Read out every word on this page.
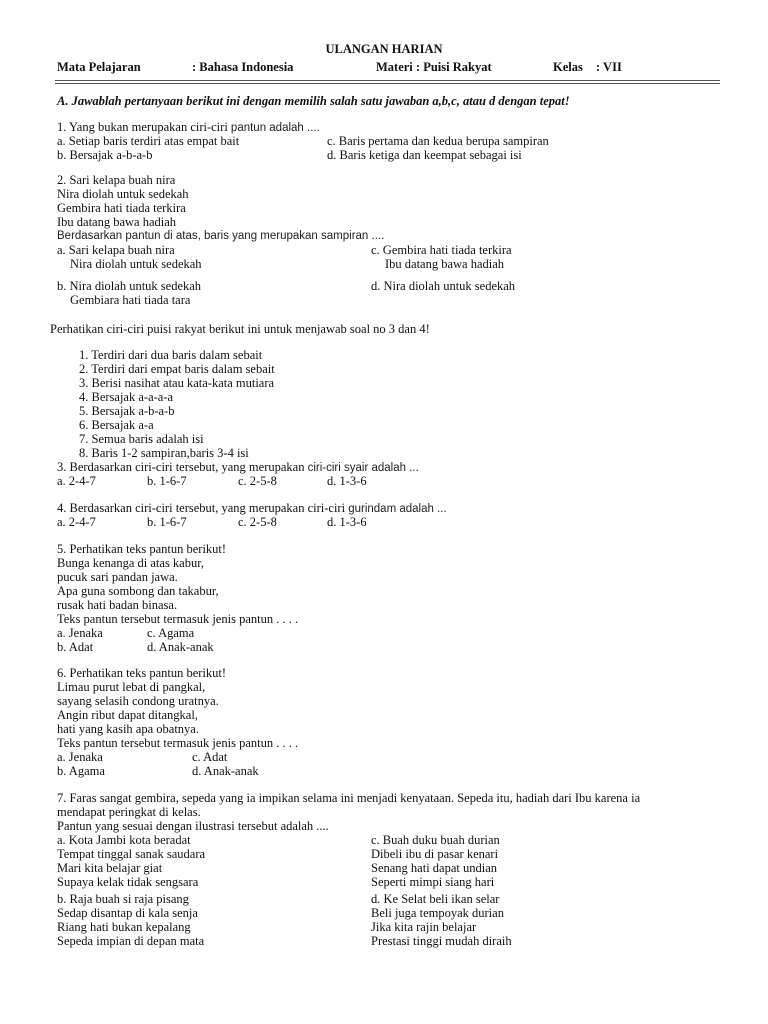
ULANGAN HARIAN
Mata Pelajaran	: Bahasa Indonesia	Materi : Puisi Rakyat	Kelas : VII
A. Jawablah pertanyaan berikut ini dengan memilih salah satu jawaban a,b,c, atau d dengan tepat!
1. Yang bukan merupakan ciri-ciri pantun adalah ....
a. Setiap baris terdiri atas empat bait
b. Bersajak a-b-a-b
c. Baris pertama dan kedua berupa sampiran
d. Baris ketiga dan keempat sebagai isi
2. Sari kelapa buah nira
Nira diolah untuk sedekah
Gembira hati tiada terkira
Ibu datang bawa hadiah
Berdasarkan pantun di atas, baris yang merupakan sampiran ....
a. Sari kelapa buah nira
Nira diolah untuk sedekah
c. Gembira hati tiada terkira
Ibu datang bawa hadiah
b. Nira diolah untuk sedekah
Gembiara hati tiada tara
d. Nira diolah untuk sedekah
Perhatikan ciri-ciri puisi rakyat berikut ini untuk menjawab soal no 3 dan 4!
1. Terdiri dari dua baris dalam sebait
2. Terdiri dari empat baris dalam sebait
3. Berisi nasihat atau kata-kata mutiara
4. Bersajak a-a-a-a
5. Bersajak a-b-a-b
6. Bersajak a-a
7. Semua baris adalah isi
8. Baris 1-2 sampiran,baris 3-4 isi
3. Berdasarkan ciri-ciri tersebut, yang merupakan ciri-ciri syair adalah ...
a. 2-4-7	b. 1-6-7	c. 2-5-8	d. 1-3-6
4. Berdasarkan ciri-ciri tersebut, yang merupakan ciri-ciri gurindam adalah ...
a. 2-4-7	b. 1-6-7	c. 2-5-8	d. 1-3-6
5. Perhatikan teks pantun berikut!
Bunga kenanga di atas kabur,
pucuk sari pandan jawa.
Apa guna sombong dan takabur,
rusak hati badan binasa.
Teks pantun tersebut termasuk jenis pantun . . . .
a. Jenaka	c. Agama
b. Adat	d. Anak-anak
6. Perhatikan teks pantun berikut!
Limau purut lebat di pangkal,
sayang selasih condong uratnya.
Angin ribut dapat ditangkal,
hati yang kasih apa obatnya.
Teks pantun tersebut termasuk jenis pantun . . . .
a. Jenaka	c. Adat
b. Agama	d. Anak-anak
7. Faras sangat gembira, sepeda yang ia impikan selama ini menjadi kenyataan. Sepeda itu, hadiah dari Ibu karena ia
mendapat peringkat di kelas.
Pantun yang sesuai dengan ilustrasi tersebut adalah ....
a. Kota Jambi kota beradat
Tempat tinggal sanak saudara
Mari kita belajar giat
Supaya kelak tidak sengsara
c. Buah duku buah durian
Dibeli ibu di pasar kenari
Senang hati dapat undian
Seperti mimpi siang hari
b. Raja buah si raja pisang
Sedap disantap di kala senja
Riang hati bukan kepalang
Sepeda impian di depan mata
d. Ke Selat beli ikan selar
Beli juga tempoyak durian
Jika kita rajin belajar
Prestasi tinggi mudah diraih
